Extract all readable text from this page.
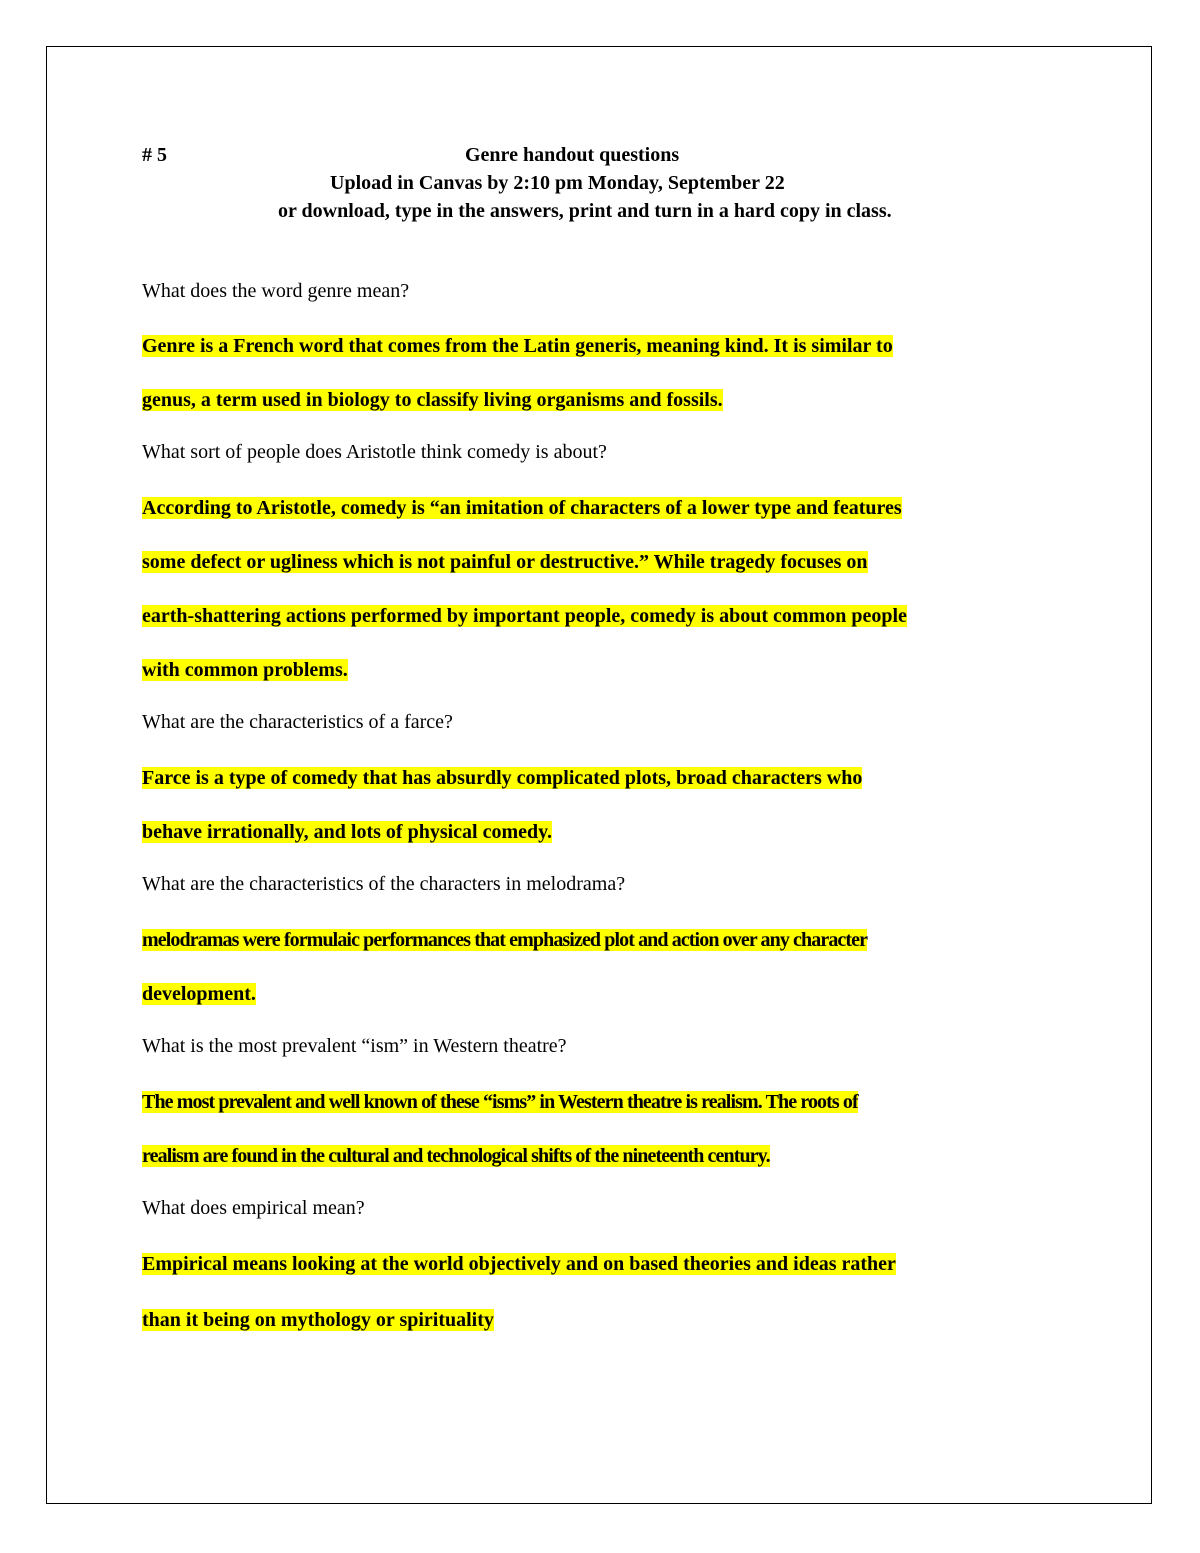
# 5	Genre handout questions
Upload in Canvas by 2:10 pm Monday, September 22
or download, type in the answers, print and turn in a hard copy in class.
What does the word genre mean?
Genre is a French word that comes from the Latin generis, meaning kind. It is similar to
genus, a term used in biology to classify living organisms and fossils.
What sort of people does Aristotle think comedy is about?
According to Aristotle, comedy is “an imitation of characters of a lower type and features
some defect or ugliness which is not painful or destructive.” While tragedy focuses on
earth-shattering actions performed by important people, comedy is about common people
with common problems.
What are the characteristics of a farce?
Farce is a type of comedy that has absurdly complicated plots, broad characters who
behave irrationally, and lots of physical comedy.
What are the characteristics of the characters in melodrama?
melodramas were formulaic performances that emphasized plot and action over any character
development.
What is the most prevalent “ism” in Western theatre?
The most prevalent and well known of these “isms” in Western theatre is realism. The roots of
realism are found in the cultural and technological shifts of the nineteenth century.
What does empirical mean?
Empirical means looking at the world objectively and on based theories and ideas rather
than it being on mythology or spirituality
